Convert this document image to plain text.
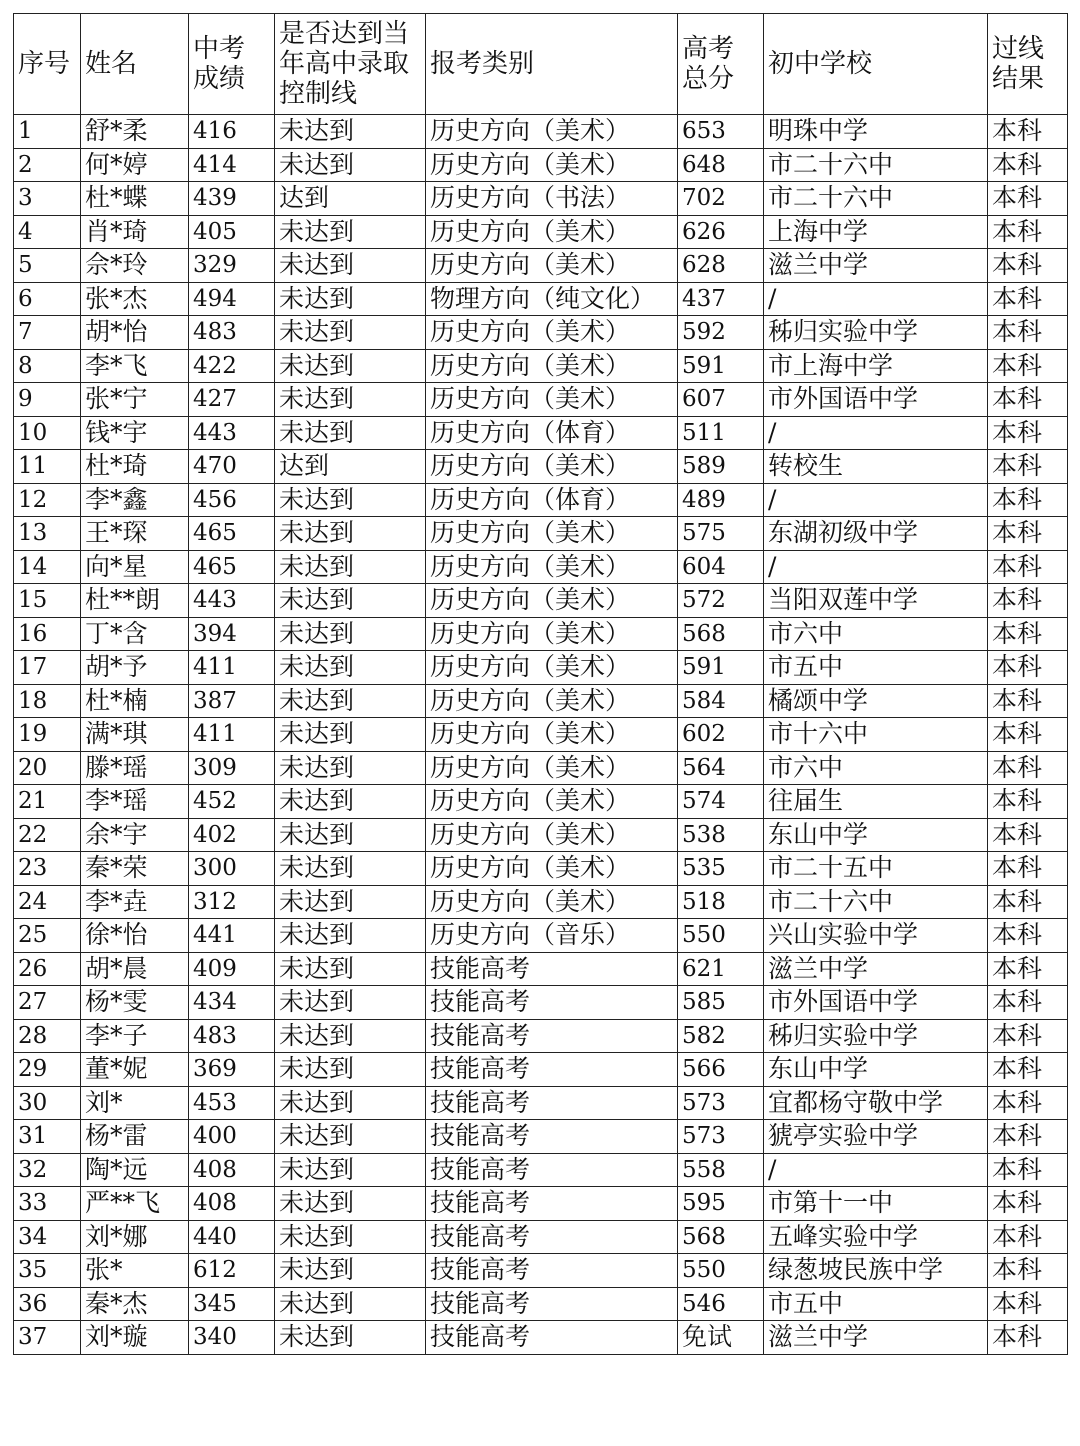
序号	姓名	中考成绩	是否达到当年高中录取控制线	报考类别	高考总分	初中学校	过线结果
1	舒*柔	416	未达到	历史方向（美术）	653	明珠中学	本科
2	何*婷	414	未达到	历史方向（美术）	648	市二十六中	本科
3	杜*蝶	439	达到	历史方向（书法）	702	市二十六中	本科
4	肖*琦	405	未达到	历史方向（美术）	626	上海中学	本科
5	佘*玲	329	未达到	历史方向（美术）	628	滋兰中学	本科
6	张*杰	494	未达到	物理方向（纯文化）	437	/	本科
7	胡*怡	483	未达到	历史方向（美术）	592	秭归实验中学	本科
8	李*飞	422	未达到	历史方向（美术）	591	市上海中学	本科
9	张*宁	427	未达到	历史方向（美术）	607	市外国语中学	本科
10	钱*宇	443	未达到	历史方向（体育）	511	/	本科
11	杜*琦	470	达到	历史方向（美术）	589	转校生	本科
12	李*鑫	456	未达到	历史方向（体育）	489	/	本科
13	王*琛	465	未达到	历史方向（美术）	575	东湖初级中学	本科
14	向*星	465	未达到	历史方向（美术）	604	/	本科
15	杜**朗	443	未达到	历史方向（美术）	572	当阳双莲中学	本科
16	丁*含	394	未达到	历史方向（美术）	568	市六中	本科
17	胡*予	411	未达到	历史方向（美术）	591	市五中	本科
18	杜*楠	387	未达到	历史方向（美术）	584	橘颂中学	本科
19	满*琪	411	未达到	历史方向（美术）	602	市十六中	本科
20	滕*瑶	309	未达到	历史方向（美术）	564	市六中	本科
21	李*瑶	452	未达到	历史方向（美术）	574	往届生	本科
22	余*宇	402	未达到	历史方向（美术）	538	东山中学	本科
23	秦*荣	300	未达到	历史方向（美术）	535	市二十五中	本科
24	李*垚	312	未达到	历史方向（美术）	518	市二十六中	本科
25	徐*怡	441	未达到	历史方向（音乐）	550	兴山实验中学	本科
26	胡*晨	409	未达到	技能高考	621	滋兰中学	本科
27	杨*雯	434	未达到	技能高考	585	市外国语中学	本科
28	李*子	483	未达到	技能高考	582	秭归实验中学	本科
29	董*妮	369	未达到	技能高考	566	东山中学	本科
30	刘*	453	未达到	技能高考	573	宜都杨守敬中学	本科
31	杨*雷	400	未达到	技能高考	573	猇亭实验中学	本科
32	陶*远	408	未达到	技能高考	558	/	本科
33	严**飞	408	未达到	技能高考	595	市第十一中	本科
34	刘*娜	440	未达到	技能高考	568	五峰实验中学	本科
35	张*	612	未达到	技能高考	550	绿葱坡民族中学	本科
36	秦*杰	345	未达到	技能高考	546	市五中	本科
37	刘*璇	340	未达到	技能高考	免试	滋兰中学	本科
